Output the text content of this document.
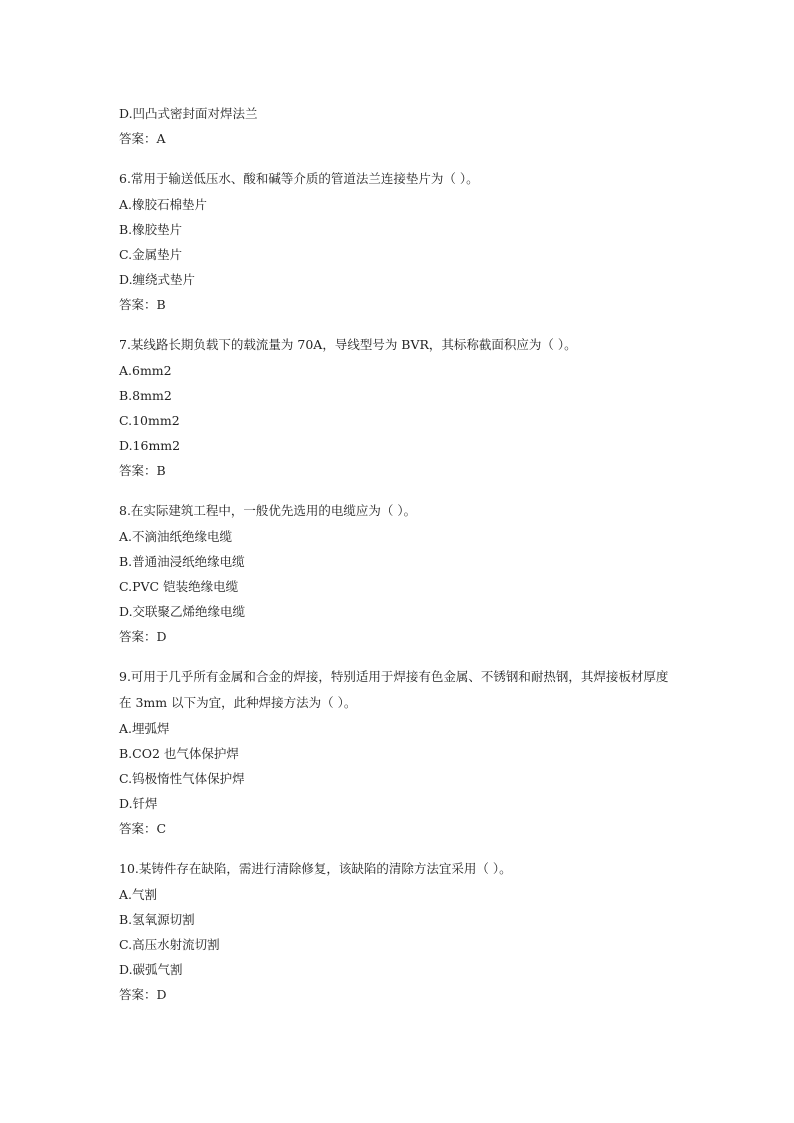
D.凹凸式密封面对焊法兰
答案：A
6.常用于输送低压水、酸和碱等介质的管道法兰连接垫片为（ ）。
A.橡胶石棉垫片
B.橡胶垫片
C.金属垫片
D.缠绕式垫片
答案：B
7.某线路长期负载下的载流量为 70A，导线型号为 BVR，其标称截面积应为（ ）。
A.6mm2
B.8mm2
C.10mm2
D.16mm2
答案：B
8.在实际建筑工程中，一般优先选用的电缆应为（ ）。
A.不滴油纸绝缘电缆
B.普通油浸纸绝缘电缆
C.PVC 铠装绝缘电缆
D.交联聚乙烯绝缘电缆
答案：D
9.可用于几乎所有金属和合金的焊接，特别适用于焊接有色金属、不锈钢和耐热钢，其焊接板材厚度在 3mm 以下为宜，此种焊接方法为（ ）。
A.埋弧焊
B.CO2 也气体保护焊
C.钨极惰性气体保护焊
D.钎焊
答案：C
10.某铸件存在缺陷，需进行清除修复，该缺陷的清除方法宜采用（ ）。
A.气割
B.氢氧源切割
C.高压水射流切割
D.碳弧气割
答案：D
